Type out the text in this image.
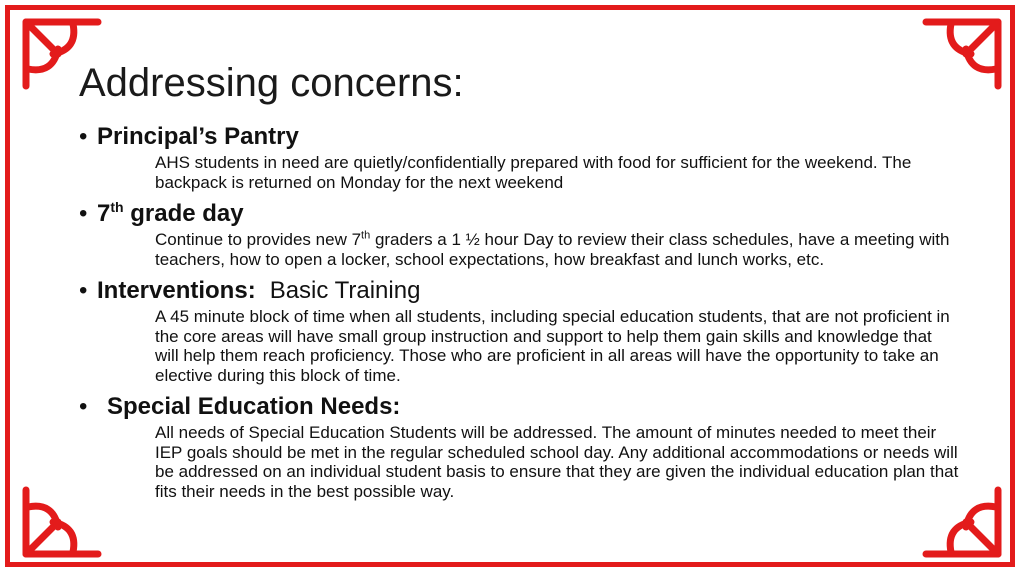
Addressing concerns:
• Principal’s Pantry
AHS students in need are quietly/confidentially prepared with food for sufficient for the weekend. The backpack is returned on Monday for the next weekend
• 7th grade day
Continue to provides new 7th graders a 1 ½ hour Day to review their class schedules, have a meeting with teachers, how to open a locker, school expectations, how breakfast and lunch works, etc.
• Interventions: Basic Training
A 45 minute block of time when all students, including special education students, that are not proficient in the core areas will have small group instruction and support to help them gain skills and knowledge that will help them reach proficiency. Those who are proficient in all areas will have the opportunity to take an elective during this block of time.
• Special Education Needs:
All needs of Special Education Students will be addressed. The amount of minutes needed to meet their IEP goals should be met in the regular scheduled school day. Any additional accommodations or needs will be addressed on an individual student basis to ensure that they are given the individual education plan that fits their needs in the best possible way.
